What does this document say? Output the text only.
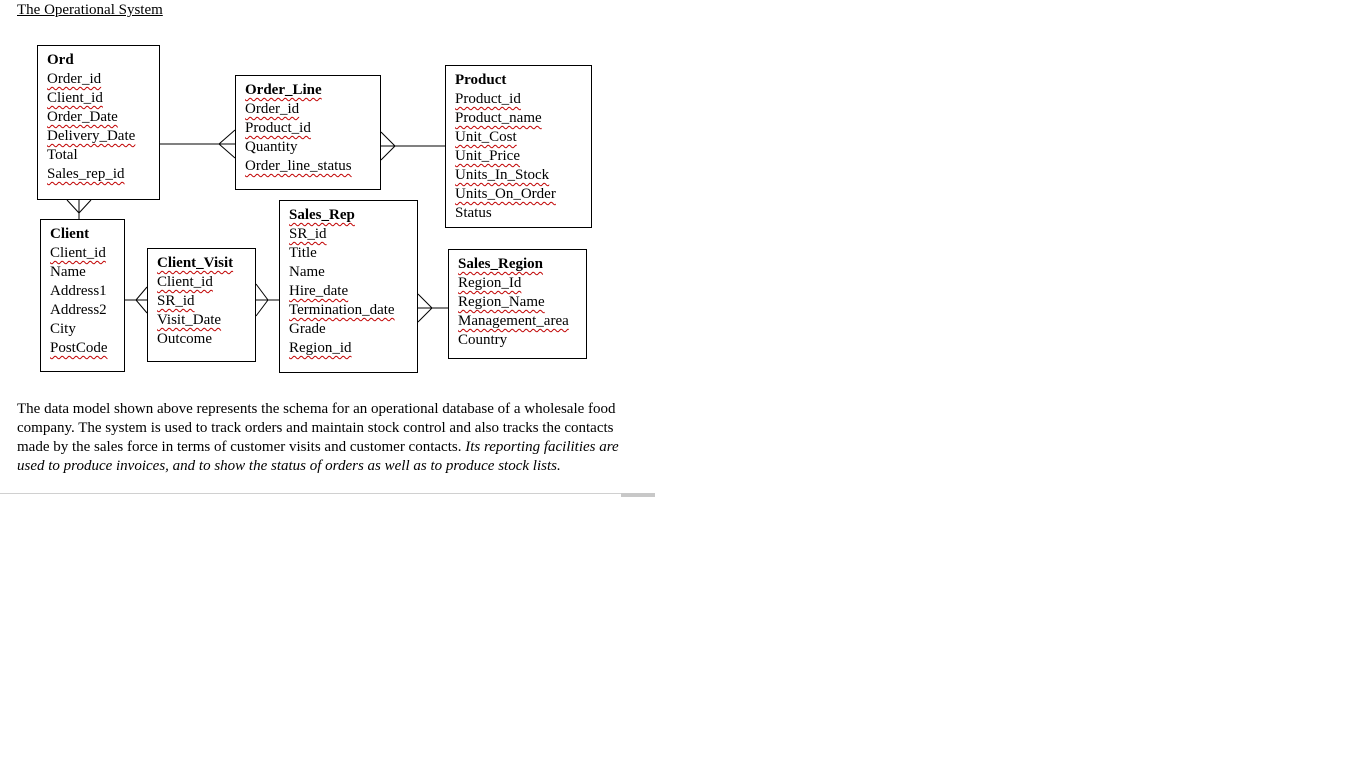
The Operational System
Ord
Order_id
Client_id
Order_Date
Delivery_Date
Total
Sales_rep_id
Order_Line
Order_id
Product_id
Quantity
Order_line_status
Product
Product_id
Product_name
Unit_Cost
Unit_Price
Units_In_Stock
Units_On_Order
Status
Client
Client_id
Name
Address1
Address2
City
PostCode
Client_Visit
Client_id
SR_id
Visit_Date
Outcome
Sales_Rep
SR_id
Title
Name
Hire_date
Termination_date
Grade
Region_id
Sales_Region
Region_Id
Region_Name
Management_area
Country
The data model shown above represents the schema for an operational database of a wholesale food company. The system is used to track orders and maintain stock control and also tracks the contacts made by the sales force in terms of customer visits and customer contacts. Its reporting facilities are used to produce invoices, and to show the status of orders as well as to produce stock lists.
